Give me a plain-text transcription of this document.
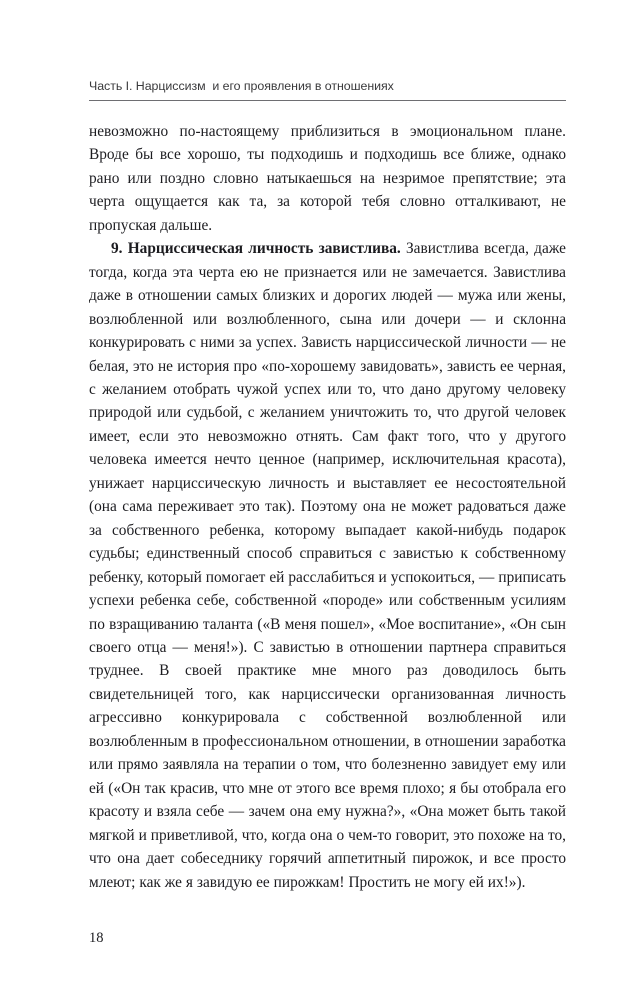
Часть I. Нарциссизм  и его проявления в отношениях

невозможно по-настоящему приблизиться в эмоциональном плане. Вроде бы все хорошо, ты подходишь и подходишь все ближе, однако рано или поздно словно натыкаешься на незримое препятствие; эта черта ощущается как та, за которой тебя словно отталкивают, не пропуская дальше.

9. Нарциссическая личность завистлива. Завистлива всегда, даже тогда, когда эта черта ею не признается или не замечается. Завистлива даже в отношении самых близких и дорогих людей — мужа или жены, возлюбленной или возлюбленного, сына или дочери — и склонна конкурировать с ними за успех. Зависть нарциссической личности — не белая, это не история про «по-хорошему завидовать», зависть ее черная, с желанием отобрать чужой успех или то, что дано другому человеку природой или судьбой, с желанием уничтожить то, что другой человек имеет, если это невозможно отнять. Сам факт того, что у другого человека имеется нечто ценное (например, исключительная красота), унижает нарциссическую личность и выставляет ее несостоятельной (она сама переживает это так). Поэтому она не может радоваться даже за собственного ребенка, которому выпадает какой-нибудь подарок судьбы; единственный способ справиться с завистью к собственному ребенку, который помогает ей расслабиться и успокоиться, — приписать успехи ребенка себе, собственной «породе» или собственным усилиям по взращиванию таланта («В меня пошел», «Мое воспитание», «Он сын своего отца — меня!»). С завистью в отношении партнера справиться труднее. В своей практике мне много раз доводилось быть свидетельницей того, как нарциссически организованная личность агрессивно конкурировала с собственной возлюбленной или возлюбленным в профессиональном отношении, в отношении заработка или прямо заявляла на терапии о том, что болезненно завидует ему или ей («Он так красив, что мне от этого все время плохо; я бы отобрала его красоту и взяла себе — зачем она ему нужна?», «Она может быть такой мягкой и приветливой, что, когда она о чем-то говорит, это похоже на то, что она дает собеседнику горячий аппетитный пирожок, и все просто млеют; как же я завидую ее пирожкам! Простить не могу ей их!»).

18
